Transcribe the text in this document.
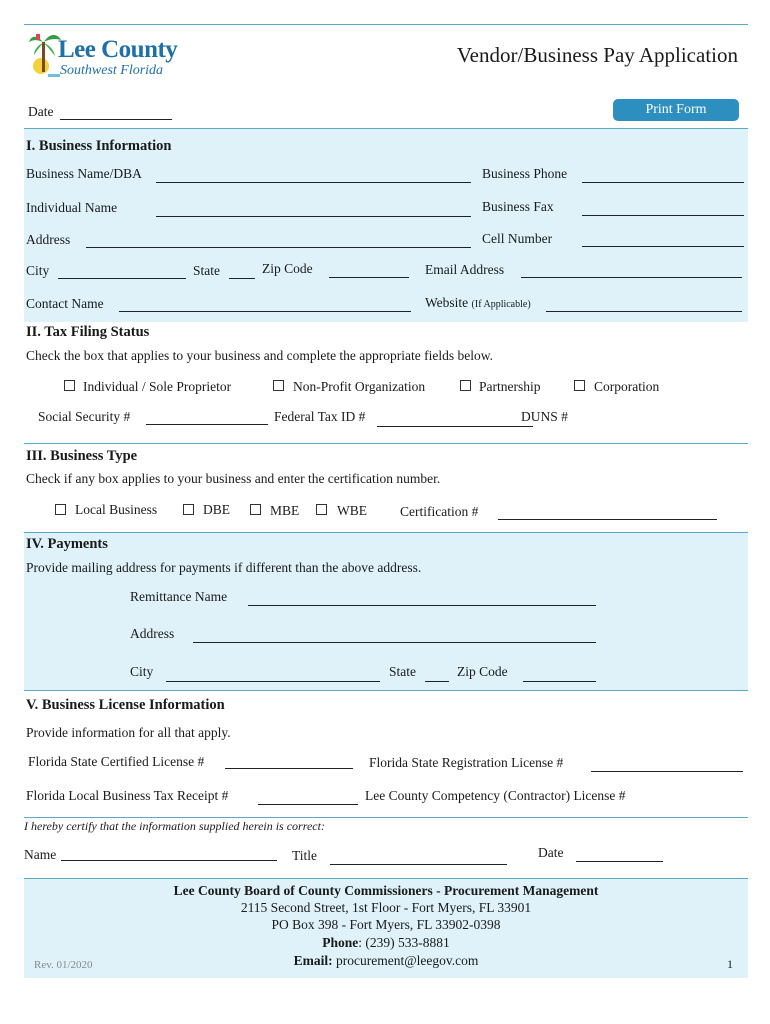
Lee County
Southwest Florida
Vendor/Business Pay Application
Date	Print Form
I. Business Information
Business Name/DBA	Business Phone
Individual Name	Business Fax
Address	Cell Number
City	State	Zip Code	Email Address
Contact Name	Website (If Applicable)
II. Tax Filing Status
Check the box that applies to your business and complete the appropriate fields below.
Individual / Sole Proprietor	Non-Profit Organization	Partnership	Corporation
Social Security #	Federal Tax ID #	DUNS #
III. Business Type
Check if any box applies to your business and enter the certification number.
Local Business	DBE	MBE	WBE Certification #
IV. Payments
Provide mailing address for payments if different than the above address.
Remittance Name
Address
City	State	Zip Code
V. Business License Information
Provide information for all that apply.
Florida State Certified License #	Florida State Registration License #
Florida Local Business Tax Receipt #	Lee County Competency (Contractor) License #
I hereby certify that the information supplied herein is correct:
Name	Title	Date
Lee County Board of County Commissioners - Procurement Management
2115 Second Street, 1st Floor - Fort Myers, FL 33901
PO Box 398 - Fort Myers, FL 33902-0398
Phone: (239) 533-8881
Email: procurement@leegov.com
Rev. 01/2020	1
